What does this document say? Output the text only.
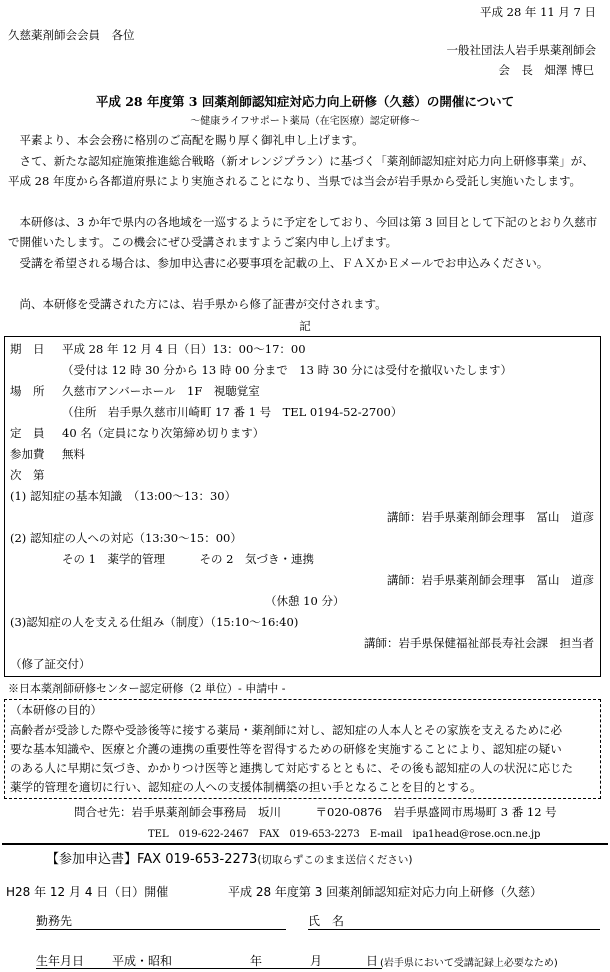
平成 28 年 11 月 7 日
久慈薬剤師会会員　各位
一般社団法人岩手県薬剤師会
会　長　畑澤 博巳
平成 28 年度第 3 回薬剤師認知症対応力向上研修（久慈）の開催について
～健康ライフサポート薬局（在宅医療）認定研修～
平素より、本会会務に格別のご高配を賜り厚く御礼申し上げます。
さて、新たな認知症施策推進総合戦略（新オレンジプラン）に基づく「薬剤師認知症対応力向上研修事業」が、平成 28 年度から各都道府県により実施されることになり、当県では当会が岩手県から受託し実施いたします。
本研修は、3 か年で県内の各地域を一巡するように予定をしており、今回は第 3 回目として下記のとおり久慈市で開催いたします。この機会にぜひ受講されますようご案内申し上げます。
受講を希望される場合は、参加申込書に必要事項を記載の上、ＦＡＸかＥメールでお申込みください。
尚、本研修を受講された方には、岩手県から修了証書が交付されます。
記
期　日 平成 28 年 12 月 4 日（日）13：00～17：00
（受付は 12 時 30 分から 13 時 00 分まで　13 時 30 分には受付を撤収いたします）
場　所 久慈市アンバーホール　1F　視聴覚室
（住所　岩手県久慈市川崎町 17 番 1 号　TEL 0194-52-2700）
定　員 40 名（定員になり次第締め切ります）
参加費 無料
次　第
(1) 認知症の基本知識　（13:00～13：30）
講師：岩手県薬剤師会理事　冨山　道彦
(2) 認知症の人への対応（13:30～15：00）
その 1　薬学的管理　　　その 2　気づき・連携
講師：岩手県薬剤師会理事　冨山　道彦
（休憩 10 分）
(3)認知症の人を支える仕組み（制度）（15:10～16:40)
講師：岩手県保健福祉部長寿社会課　担当者
（修了証交付）
※日本薬剤師研修センター認定研修（2 単位）- 申請中 -
（本研修の目的）
高齢者が受診した際や受診後等に接する薬局・薬剤師に対し、認知症の人本人とその家族を支えるために必
要な基本知識や、医療と介護の連携の重要性等を習得するための研修を実施することにより、認知症の疑い
のある人に早期に気づき、かかりつけ医等と連携して対応するとともに、その後も認知症の人の状況に応じた
薬学的管理を適切に行い、認知症の人への支援体制構築の担い手となることを目的とする。
問合せ先：岩手県薬剤師会事務局　坂川　　　〒020-0876　岩手県盛岡市馬場町 3 番 12 号
TEL　019-622-2467　FAX　019-653-2273　E-mail　ipa1head@rose.ocn.ne.jp
【参加申込書】FAX 019-653-2273(切取らずこのまま送信ください)
H28 年 12 月 4 日（日）開催	平成 28 年度第 3 回薬剤師認知症対応力向上研修（久慈）
勤務先	氏　名
生年月日 平成・昭和	年	月	日 (岩手県において受講記録上必要なため)
